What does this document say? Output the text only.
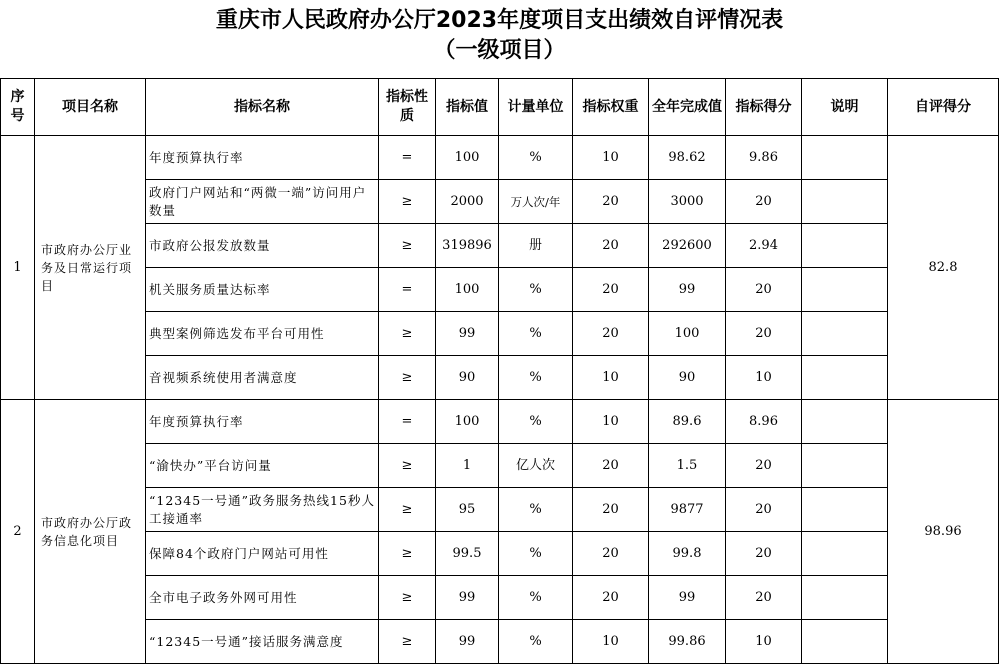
重庆市人民政府办公厅2023年度项目支出绩效自评情况表
（一级项目）
序号	项目名称	指标名称	指标性质	指标值	计量单位	指标权重	全年完成值	指标得分	说明	自评得分
1	市政府办公厅业务及日常运行项目	年度预算执行率	=	100	%	10	98.62	9.86		82.8
		政府门户网站和“两微一端”访问用户数量	≥	2000	万人次/年	20	3000	20		
		市政府公报发放数量	≥	319896	册	20	292600	2.94		
		机关服务质量达标率	=	100	%	20	99	20		
		典型案例筛选发布平台可用性	≥	99	%	20	100	20		
		音视频系统使用者满意度	≥	90	%	10	90	10		
2	市政府办公厅政务信息化项目	年度预算执行率	=	100	%	10	89.6	8.96		98.96
		“渝快办”平台访问量	≥	1	亿人次	20	1.5	20		
		“12345一号通”政务服务热线15秒人工接通率	≥	95	%	20	9877	20		
		保障84个政府门户网站可用性	≥	99.5	%	20	99.8	20		
		全市电子政务外网可用性	≥	99	%	20	99	20		
		“12345一号通”接话服务满意度	≥	99	%	10	99.86	10		
